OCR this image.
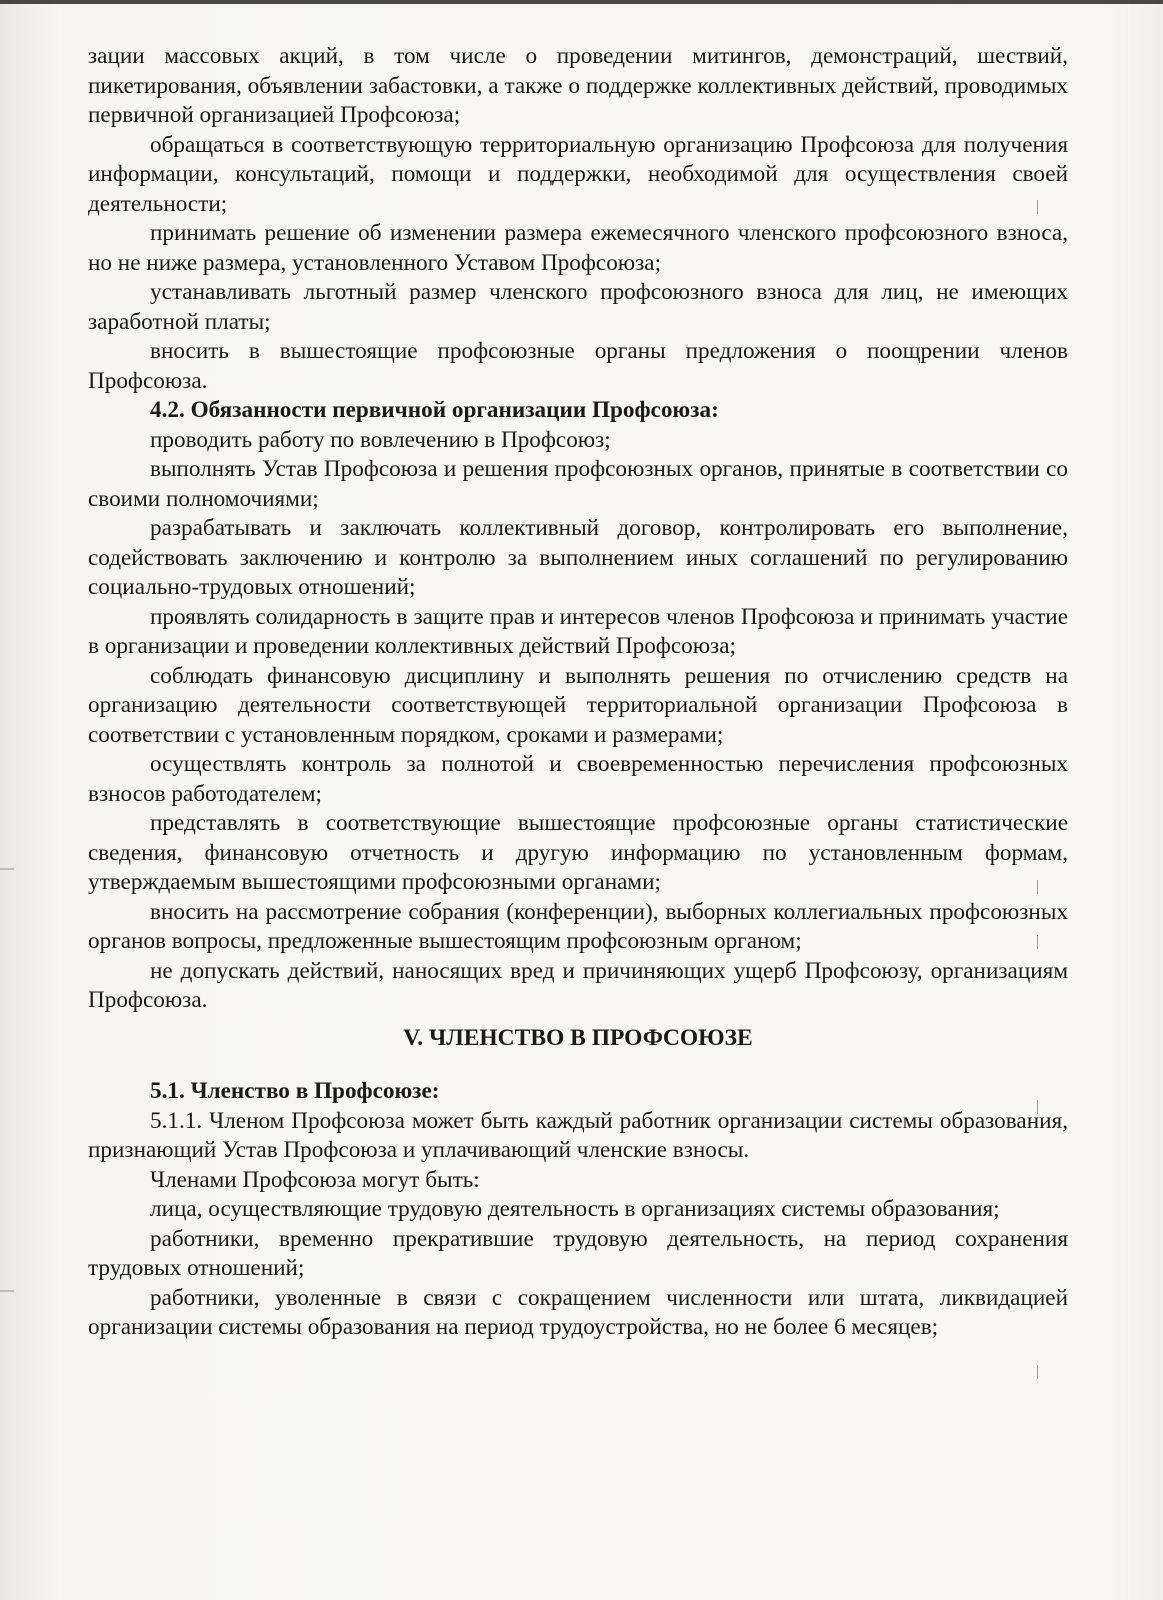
зации массовых акций, в том числе о проведении митингов, демонстраций, шествий, пикетирования, объявлении забастовки, а также о поддержке коллективных действий, проводимых первичной организацией Профсоюза;

обращаться в соответствующую территориальную организацию Профсоюза для получения информации, консультаций, помощи и поддержки, необходимой для осуществления своей деятельности;

принимать решение об изменении размера ежемесячного членского профсоюзного взноса, но не ниже размера, установленного Уставом Профсоюза;

устанавливать льготный размер членского профсоюзного взноса для лиц, не имеющих заработной платы;

вносить в вышестоящие профсоюзные органы предложения о поощрении членов Профсоюза.

4.2. Обязанности первичной организации Профсоюза:

проводить работу по вовлечению в Профсоюз;

выполнять Устав Профсоюза и решения профсоюзных органов, принятые в соответствии со своими полномочиями;

разрабатывать и заключать коллективный договор, контролировать его выполнение, содействовать заключению и контролю за выполнением иных соглашений по регулированию социально-трудовых отношений;

проявлять солидарность в защите прав и интересов членов Профсоюза и принимать участие в организации и проведении коллективных действий Профсоюза;

соблюдать финансовую дисциплину и выполнять решения по отчислению средств на организацию деятельности соответствующей территориальной организации Профсоюза в соответствии с установленным порядком, сроками и размерами;

осуществлять контроль за полнотой и своевременностью перечисления профсоюзных взносов работодателем;

представлять в соответствующие вышестоящие профсоюзные органы статистические сведения, финансовую отчетность и другую информацию по установленным формам, утверждаемым вышестоящими профсоюзными органами;

вносить на рассмотрение собрания (конференции), выборных коллегиальных профсоюзных органов вопросы, предложенные вышестоящим профсоюзным органом;

не допускать действий, наносящих вред и причиняющих ущерб Профсоюзу, организациям Профсоюза.

V. ЧЛЕНСТВО В ПРОФСОЮЗЕ

5.1. Членство в Профсоюзе:

5.1.1. Членом Профсоюза может быть каждый работник организации системы образования, признающий Устав Профсоюза и уплачивающий членские взносы.

Членами Профсоюза могут быть:

лица, осуществляющие трудовую деятельность в организациях системы образования;

работники, временно прекратившие трудовую деятельность, на период сохранения трудовых отношений;

работники, уволенные в связи с сокращением численности или штата, ликвидацией организации системы образования на период трудоустройства, но не более 6 месяцев;
